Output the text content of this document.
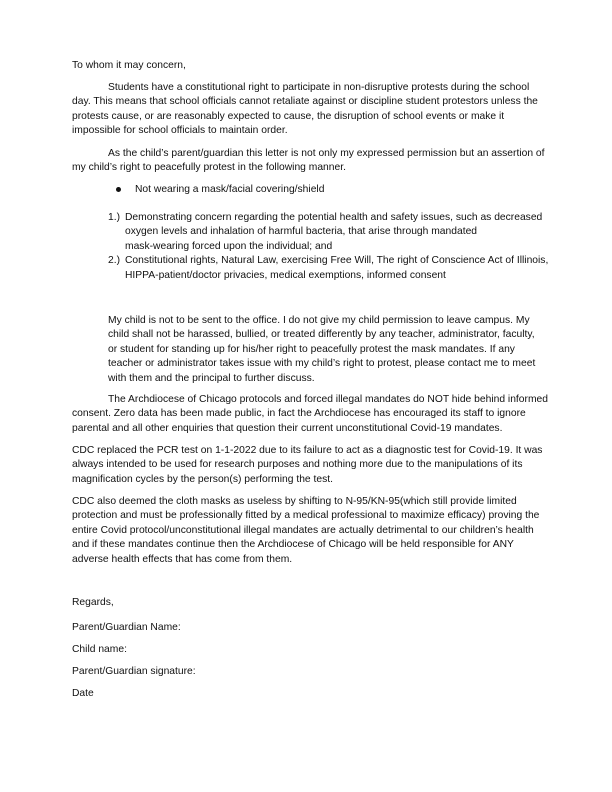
To whom it may concern,
Students have a constitutional right to participate in non-disruptive protests during the school
day. This means that school officials cannot retaliate against or discipline student protestors unless the
protests cause, or are reasonably expected to cause, the disruption of school events or make it
impossible for school officials to maintain order.
As the child’s parent/guardian this letter is not only my expressed permission but an assertion of
my child’s right to peacefully protest in the following manner.
Not wearing a mask/facial covering/shield
1.) Demonstrating concern regarding the potential health and safety issues, such as decreased
oxygen levels and inhalation of harmful bacteria, that arise through mandated
mask-wearing forced upon the individual; and
2.) Constitutional rights, Natural Law, exercising Free Will, The right of Conscience Act of Illinois,
HIPPA-patient/doctor privacies, medical exemptions, informed consent
My child is not to be sent to the office. I do not give my child permission to leave campus. My
child shall not be harassed, bullied, or treated differently by any teacher, administrator, faculty,
or student for standing up for his/her right to peacefully protest the mask mandates. If any
teacher or administrator takes issue with my child’s right to protest, please contact me to meet
with them and the principal to further discuss.
The Archdiocese of Chicago protocols and forced illegal mandates do NOT hide behind informed
consent. Zero data has been made public, in fact the Archdiocese has encouraged its staff to ignore
parental and all other enquiries that question their current unconstitutional Covid-19 mandates.
CDC replaced the PCR test on 1-1-2022 due to its failure to act as a diagnostic test for Covid-19. It was
always intended to be used for research purposes and nothing more due to the manipulations of its
magnification cycles by the person(s) performing the test.
CDC also deemed the cloth masks as useless by shifting to N-95/KN-95(which still provide limited
protection and must be professionally fitted by a medical professional to maximize efficacy) proving the
entire Covid protocol/unconstitutional illegal mandates are actually detrimental to our children’s health
and if these mandates continue then the Archdiocese of Chicago will be held responsible for ANY
adverse health effects that has come from them.
Regards,
Parent/Guardian Name:
Child name:
Parent/Guardian signature:
Date
